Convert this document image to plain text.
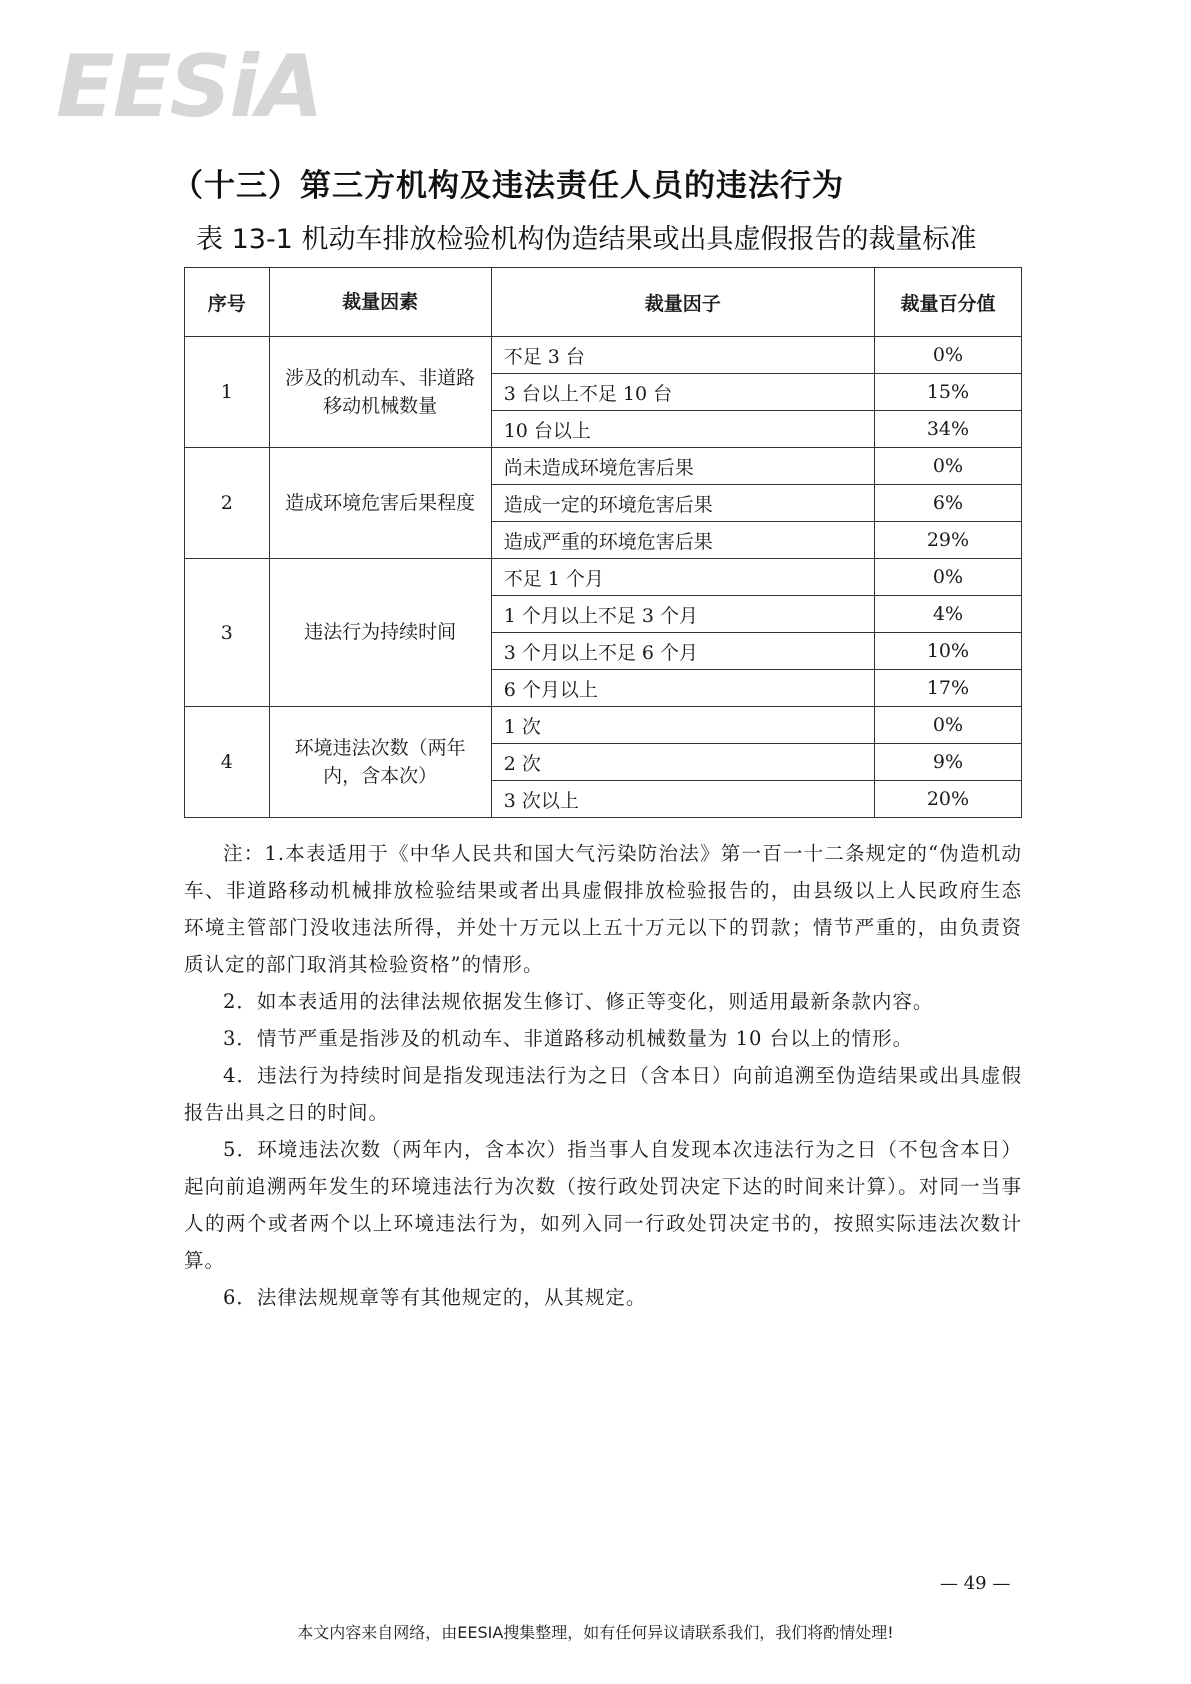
EESiA
（十三）第三方机构及违法责任人员的违法行为
表 13-1 机动车排放检验机构伪造结果或出具虚假报告的裁量标准
序号	裁量因素	裁量因子	裁量百分值
1	涉及的机动车、非道路移动机械数量	不足 3 台	0%
		3 台以上不足 10 台	15%
		10 台以上	34%
2	造成环境危害后果程度	尚未造成环境危害后果	0%
		造成一定的环境危害后果	6%
		造成严重的环境危害后果	29%
3	违法行为持续时间	不足 1 个月	0%
		1 个月以上不足 3 个月	4%
		3 个月以上不足 6 个月	10%
		6 个月以上	17%
4	环境违法次数（两年内，含本次）	1 次	0%
		2 次	9%
		3 次以上	20%

注：1.本表适用于《中华人民共和国大气污染防治法》第一百一十二条规定的“伪造机动车、非道路移动机械排放检验结果或者出具虚假排放检验报告的，由县级以上人民政府生态环境主管部门没收违法所得，并处十万元以上五十万元以下的罚款；情节严重的，由负责资质认定的部门取消其检验资格”的情形。

2．如本表适用的法律法规依据发生修订、修正等变化，则适用最新条款内容。

3．情节严重是指涉及的机动车、非道路移动机械数量为 10 台以上的情形。

4．违法行为持续时间是指发现违法行为之日（含本日）向前追溯至伪造结果或出具虚假报告出具之日的时间。

5．环境违法次数（两年内，含本次）指当事人自发现本次违法行为之日（不包含本日）起向前追溯两年发生的环境违法行为次数（按行政处罚决定下达的时间来计算）。对同一当事人的两个或者两个以上环境违法行为，如列入同一行政处罚决定书的，按照实际违法次数计算。

6．法律法规规章等有其他规定的，从其规定。

— 49 —
本文内容来自网络，由EESIA搜集整理，如有任何异议请联系我们，我们将酌情处理!
